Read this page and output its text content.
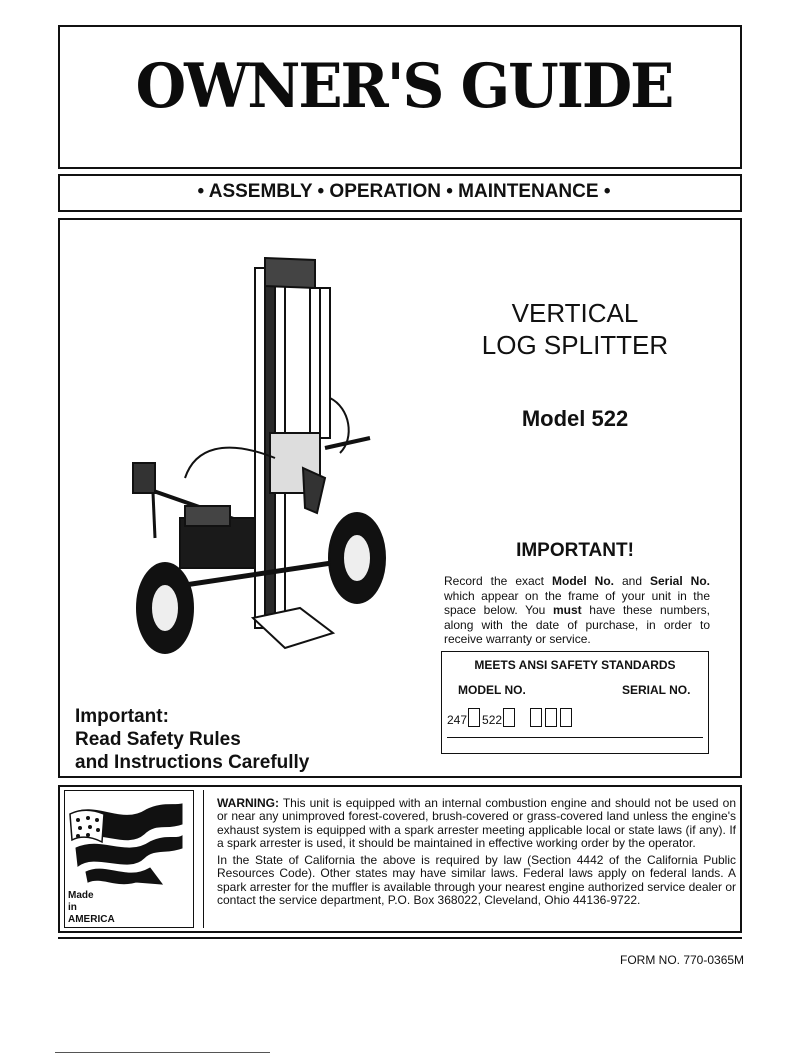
OWNER'S GUIDE
• ASSEMBLY • OPERATION • MAINTENANCE •
VERTICAL
LOG SPLITTER
Model 522
IMPORTANT!
Record the exact Model No. and Serial No. which appear on the frame of your unit in the space below. You must have these numbers, along with the date of purchase, in order to receive warranty or service.
MEETS ANSI SAFETY STANDARDS
MODEL NO.	SERIAL NO.
247 522
Important:
Read Safety Rules
and Instructions Carefully
Made
in
AMERICA

WARNING: This unit is equipped with an internal combustion engine and should not be used on or near any unimproved forest-covered, brush-covered or grass-covered land unless the engine's exhaust system is equipped with a spark arrester meeting applicable local or state laws (if any). If a spark arrester is used, it should be maintained in effective working order by the operator.

In the State of California the above is required by law (Section 4442 of the California Public Resources Code). Other states may have similar laws. Federal laws apply on federal lands. A spark arrester for the muffler is available through your nearest engine authorized service dealer or contact the service department, P.O. Box 368022, Cleveland, Ohio 44136-9722.

FORM NO. 770-0365M
